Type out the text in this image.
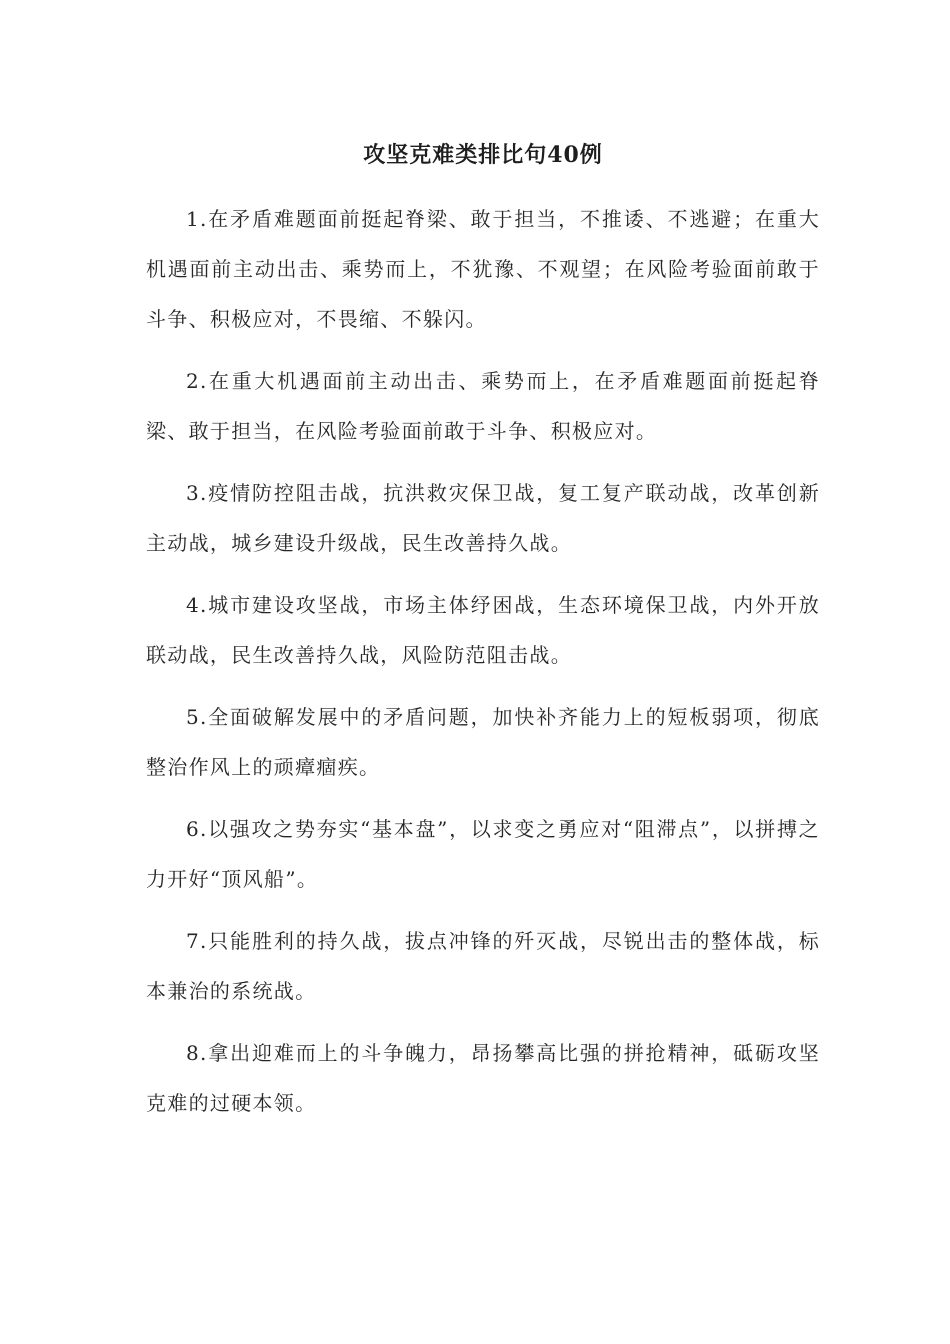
攻坚克难类排比句40例

1.在矛盾难题面前挺起脊梁、敢于担当，不推诿、不逃避；在重大机遇面前主动出击、乘势而上，不犹豫、不观望；在风险考验面前敢于斗争、积极应对，不畏缩、不躲闪。

2.在重大机遇面前主动出击、乘势而上，在矛盾难题面前挺起脊梁、敢于担当，在风险考验面前敢于斗争、积极应对。

3.疫情防控阻击战，抗洪救灾保卫战，复工复产联动战，改革创新主动战，城乡建设升级战，民生改善持久战。

4.城市建设攻坚战，市场主体纾困战，生态环境保卫战，内外开放联动战，民生改善持久战，风险防范阻击战。

5.全面破解发展中的矛盾问题，加快补齐能力上的短板弱项，彻底整治作风上的顽瘴痼疾。

6.以强攻之势夯实“基本盘”，以求变之勇应对“阻滞点”，以拼搏之力开好“顶风船”。

7.只能胜利的持久战，拔点冲锋的歼灭战，尽锐出击的整体战，标本兼治的系统战。

8.拿出迎难而上的斗争魄力，昂扬攀高比强的拼抢精神，砥砺攻坚克难的过硬本领。
